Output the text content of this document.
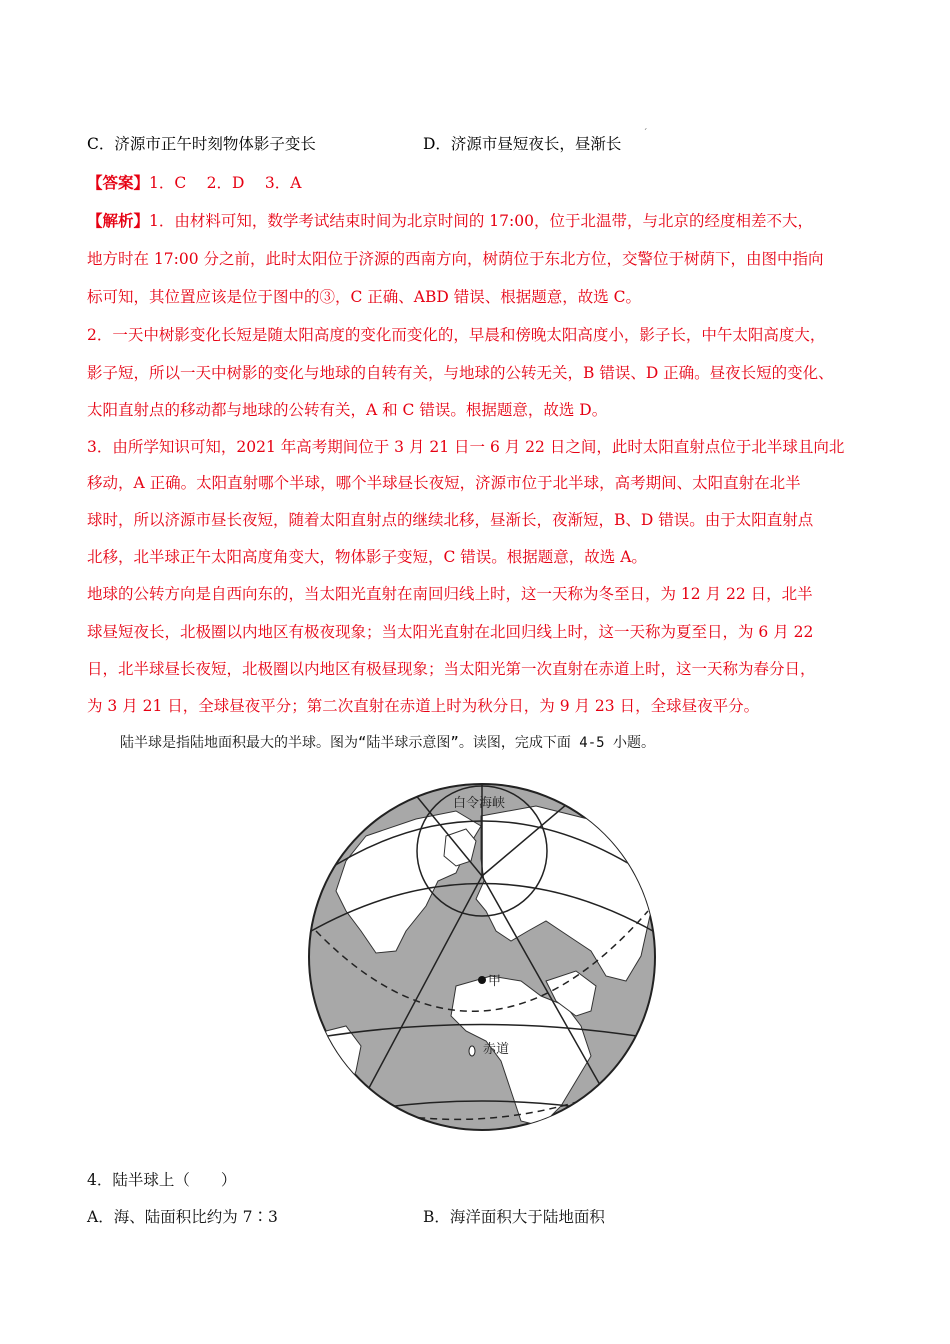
C．济源市正午时刻物体影子变长	D．济源市昼短夜长，昼渐长
ˊ
【答案】1．C　 2．D　 3．A
【解析】1．由材料可知，数学考试结束时间为北京时间的 17:00，位于北温带，与北京的经度相差不大，
地方时在 17:00 分之前，此时太阳位于济源的西南方向，树荫位于东北方位，交警位于树荫下，由图中指向
标可知，其位置应该是位于图中的③，C 正确、ABD 错误、根据题意，故选 C。
2．一天中树影变化长短是随太阳高度的变化而变化的，早晨和傍晚太阳高度小，影子长，中午太阳高度大，
影子短，所以一天中树影的变化与地球的自转有关，与地球的公转无关，B 错误、D 正确。昼夜长短的变化、
太阳直射点的移动都与地球的公转有关，A 和 C 错误。根据题意，故选 D。
3．由所学知识可知，2021 年高考期间位于 3 月 21 日一 6 月 22 日之间，此时太阳直射点位于北半球且向北
移动，A 正确。太阳直射哪个半球，哪个半球昼长夜短，济源市位于北半球，高考期间、太阳直射在北半
球时，所以济源市昼长夜短，随着太阳直射点的继续北移，昼渐长，夜渐短，B、D 错误。由于太阳直射点
北移，北半球正午太阳高度角变大，物体影子变短，C 错误。根据题意，故选 A。
地球的公转方向是自西向东的，当太阳光直射在南回归线上时，这一天称为冬至日，为 12 月 22 日，北半
球昼短夜长，北极圈以内地区有极夜现象；当太阳光直射在北回归线上时，这一天称为夏至日，为 6 月 22
日，北半球昼长夜短，北极圈以内地区有极昼现象；当太阳光第一次直射在赤道上时，这一天称为春分日，
为 3 月 21 日，全球昼夜平分；第二次直射在赤道上时为秋分日，为 9 月 23 日，全球昼夜平分。
陆半球是指陆地面积最大的半球。图为“陆半球示意图”。读图，完成下面 4-5 小题。
白令海峡
甲
赤道
4．陆半球上（　　）
A．海、陆面积比约为 7∶3	B．海洋面积大于陆地面积
